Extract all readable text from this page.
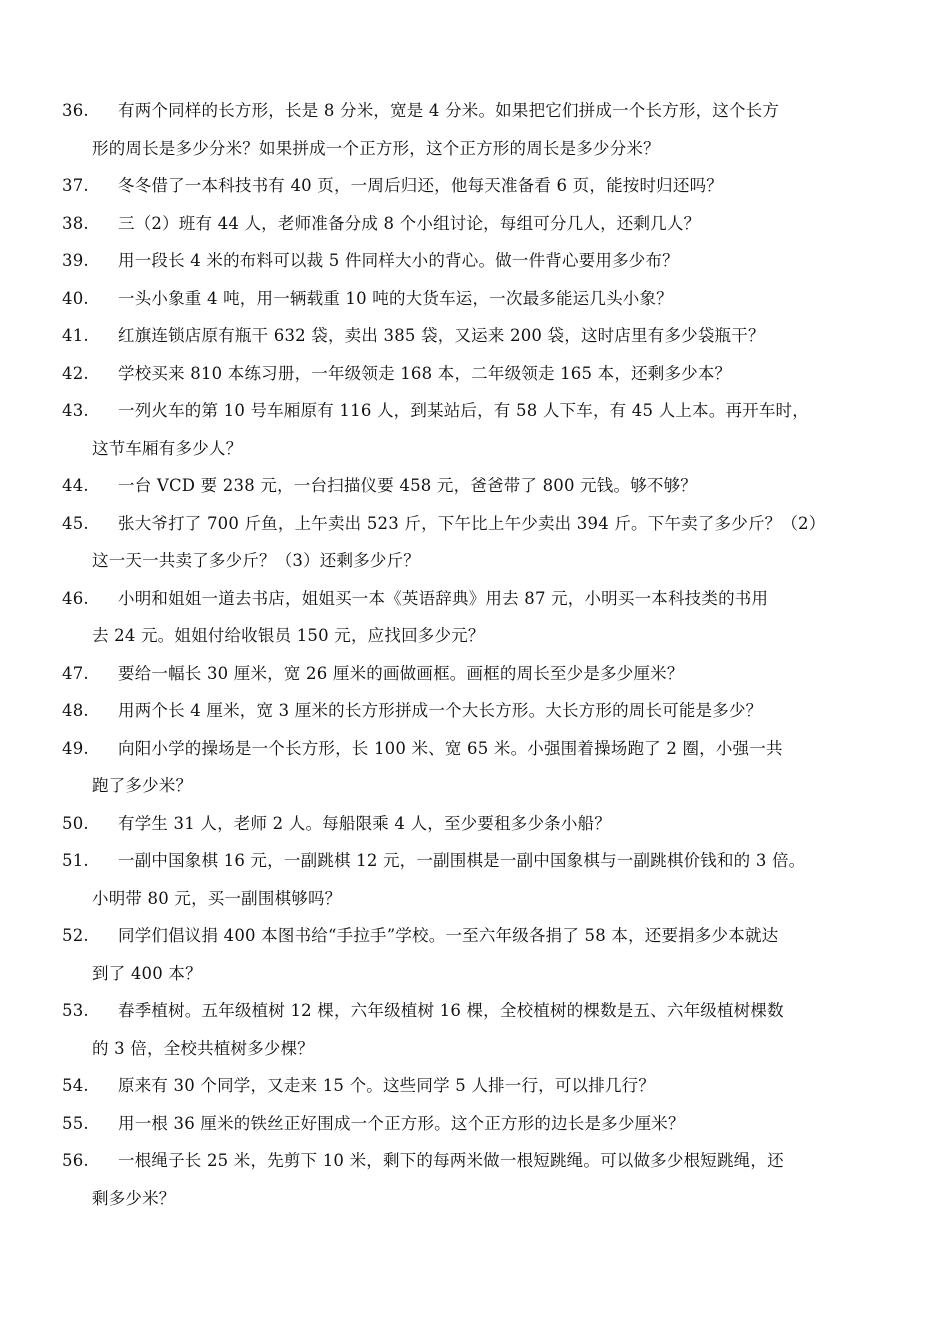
36.	有两个同样的长方形，长是 8 分米，宽是 4 分米。如果把它们拼成一个长方形，这个长方
形的周长是多少分米？如果拼成一个正方形，这个正方形的周长是多少分米？
37.	冬冬借了一本科技书有 40 页，一周后归还，他每天准备看 6 页，能按时归还吗？
38.	三（2）班有 44 人，老师准备分成 8 个小组讨论，每组可分几人，还剩几人？
39.	用一段长 4 米的布料可以裁 5 件同样大小的背心。做一件背心要用多少布？
40.	一头小象重 4 吨，用一辆载重 10 吨的大货车运，一次最多能运几头小象？
41.	红旗连锁店原有瓶干 632 袋，卖出 385 袋，又运来 200 袋，这时店里有多少袋瓶干？
42.	学校买来 810 本练习册，一年级领走 168 本，二年级领走 165 本，还剩多少本？
43.	一列火车的第 10 号车厢原有 116 人，到某站后，有 58 人下车，有 45 人上本。再开车时，
这节车厢有多少人？
44.	一台 VCD 要 238 元，一台扫描仪要 458 元，爸爸带了 800 元钱。够不够？
45.	张大爷打了 700 斤鱼，上午卖出 523 斤，下午比上午少卖出 394 斤。下午卖了多少斤？（2）
这一天一共卖了多少斤？（3）还剩多少斤？
46.	小明和姐姐一道去书店，姐姐买一本《英语辞典》用去 87 元，小明买一本科技类的书用
去 24 元。姐姐付给收银员 150 元，应找回多少元？
47.	要给一幅长 30 厘米，宽 26 厘米的画做画框。画框的周长至少是多少厘米？
48.	用两个长 4 厘米，宽 3 厘米的长方形拼成一个大长方形。大长方形的周长可能是多少？
49.	向阳小学的操场是一个长方形，长 100 米、宽 65 米。小强围着操场跑了 2 圈，小强一共
跑了多少米？
50.	有学生 31 人，老师 2 人。每船限乘 4 人，至少要租多少条小船？
51.	一副中国象棋 16 元，一副跳棋 12 元，一副围棋是一副中国象棋与一副跳棋价钱和的 3 倍。
小明带 80 元，买一副围棋够吗？
52.	同学们倡议捐 400 本图书给“手拉手”学校。一至六年级各捐了 58 本，还要捐多少本就达
到了 400 本？
53.	春季植树。五年级植树 12 棵，六年级植树 16 棵，全校植树的棵数是五、六年级植树棵数
的 3 倍，全校共植树多少棵？
54.	原来有 30 个同学，又走来 15 个。这些同学 5 人排一行，可以排几行？
55.	用一根 36 厘米的铁丝正好围成一个正方形。这个正方形的边长是多少厘米？
56.	一根绳子长 25 米，先剪下 10 米，剩下的每两米做一根短跳绳。可以做多少根短跳绳，还
剩多少米？
